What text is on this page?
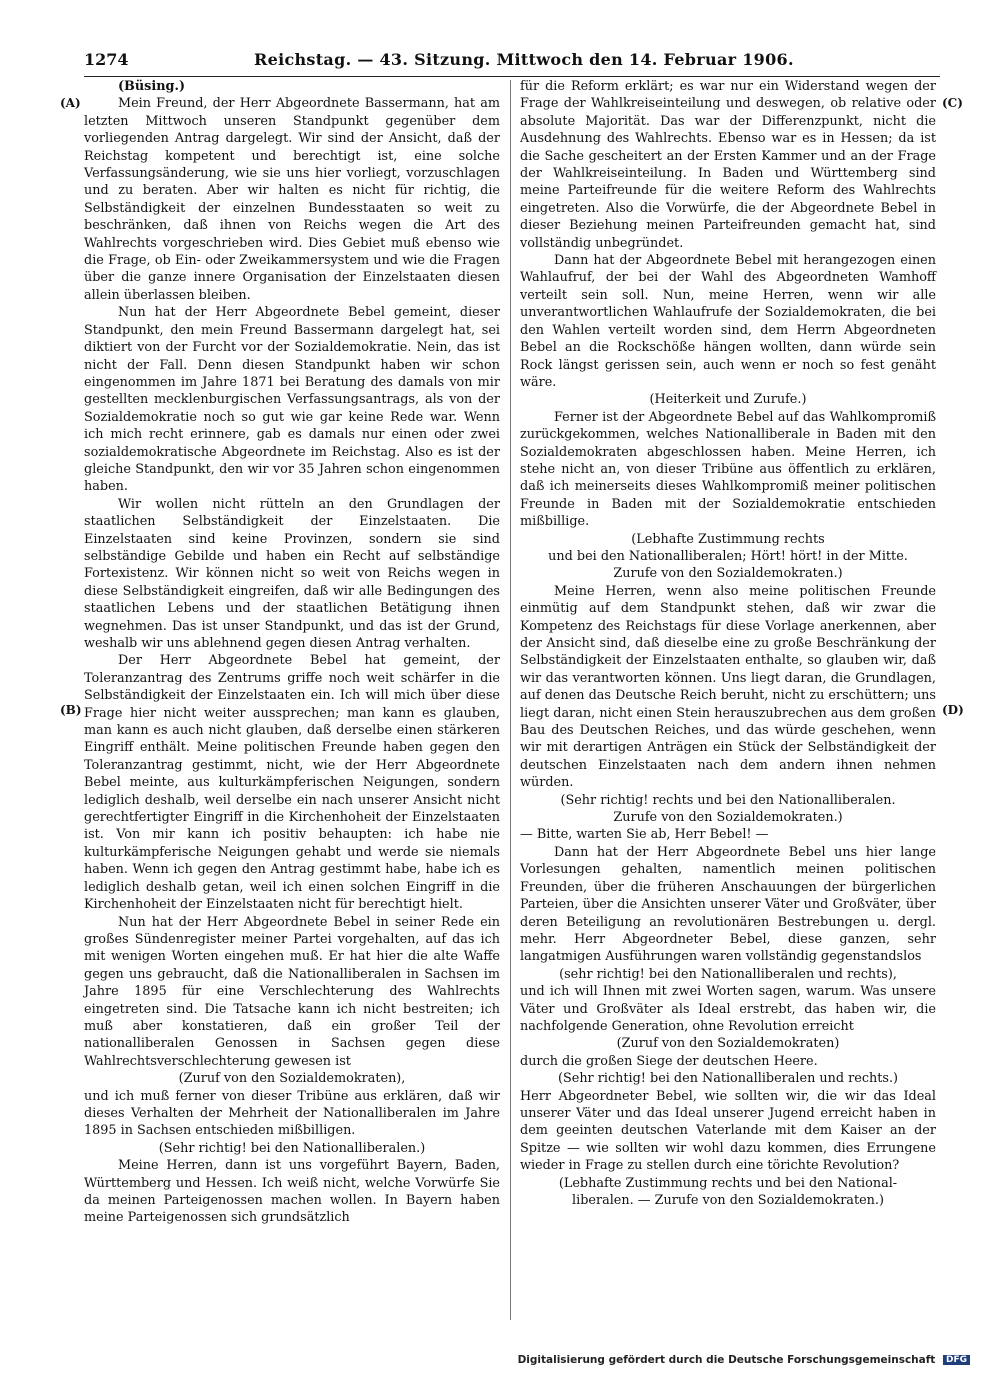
1274	Reichstag. — 43. Sitzung. Mittwoch den 14. Februar 1906.
(A)
(B)
(C)
(D)

(Büsing.)

Mein Freund, der Herr Abgeordnete Bassermann, hat am letzten Mittwoch unseren Standpunkt gegenüber dem vorliegenden Antrag dargelegt. Wir sind der Ansicht, daß der Reichstag kompetent und berechtigt ist, eine solche Verfassungsänderung, wie sie uns hier vorliegt, vorzuschlagen und zu beraten. Aber wir halten es nicht für richtig, die Selbständigkeit der einzelnen Bundesstaaten so weit zu beschränken, daß ihnen von Reichs wegen die Art des Wahlrechts vorgeschrieben wird. Dies Gebiet muß ebenso wie die Frage, ob Ein- oder Zweikammersystem und wie die Fragen über die ganze innere Organisation der Einzelstaaten diesen allein überlassen bleiben.

Nun hat der Herr Abgeordnete Bebel gemeint, dieser Standpunkt, den mein Freund Bassermann dargelegt hat, sei diktiert von der Furcht vor der Sozialdemokratie. Nein, das ist nicht der Fall. Denn diesen Standpunkt haben wir schon eingenommen im Jahre 1871 bei Beratung des damals von mir gestellten mecklenburgischen Verfassungsantrags, als von der Sozialdemokratie noch so gut wie gar keine Rede war. Wenn ich mich recht erinnere, gab es damals nur einen oder zwei sozialdemokratische Abgeordnete im Reichstag. Also es ist der gleiche Standpunkt, den wir vor 35 Jahren schon eingenommen haben.

Wir wollen nicht rütteln an den Grundlagen der staatlichen Selbständigkeit der Einzelstaaten. Die Einzelstaaten sind keine Provinzen, sondern sie sind selbständige Gebilde und haben ein Recht auf selbständige Fortexistenz. Wir können nicht so weit von Reichs wegen in diese Selbständigkeit eingreifen, daß wir alle Bedingungen des staatlichen Lebens und der staatlichen Betätigung ihnen wegnehmen. Das ist unser Standpunkt, und das ist der Grund, weshalb wir uns ablehnend gegen diesen Antrag verhalten.

Der Herr Abgeordnete Bebel hat gemeint, der Toleranzantrag des Zentrums griffe noch weit schärfer in die Selbständigkeit der Einzelstaaten ein. Ich will mich über diese Frage hier nicht weiter aussprechen; man kann es glauben, man kann es auch nicht glauben, daß derselbe einen stärkeren Eingriff enthält. Meine politischen Freunde haben gegen den Toleranzantrag gestimmt, nicht, wie der Herr Abgeordnete Bebel meinte, aus kulturkämpferischen Neigungen, sondern lediglich deshalb, weil derselbe ein nach unserer Ansicht nicht gerechtfertigter Eingriff in die Kirchenhoheit der Einzelstaaten ist. Von mir kann ich positiv behaupten: ich habe nie kulturkämpferische Neigungen gehabt und werde sie niemals haben. Wenn ich gegen den Antrag gestimmt habe, habe ich es lediglich deshalb getan, weil ich einen solchen Eingriff in die Kirchenhoheit der Einzelstaaten nicht für berechtigt hielt.

Nun hat der Herr Abgeordnete Bebel in seiner Rede ein großes Sündenregister meiner Partei vorgehalten, auf das ich mit wenigen Worten eingehen muß. Er hat hier die alte Waffe gegen uns gebraucht, daß die Nationalliberalen in Sachsen im Jahre 1895 für eine Verschlechterung des Wahlrechts eingetreten sind. Die Tatsache kann ich nicht bestreiten; ich muß aber konstatieren, daß ein großer Teil der nationalliberalen Genossen in Sachsen gegen diese Wahlrechtsverschlechterung gewesen ist

(Zuruf von den Sozialdemokraten),

und ich muß ferner von dieser Tribüne aus erklären, daß wir dieses Verhalten der Mehrheit der Nationalliberalen im Jahre 1895 in Sachsen entschieden mißbilligen.

(Sehr richtig! bei den Nationalliberalen.)

Meine Herren, dann ist uns vorgeführt Bayern, Baden, Württemberg und Hessen. Ich weiß nicht, welche Vorwürfe Sie da meinen Parteigenossen machen wollen. In Bayern haben meine Parteigenossen sich grundsätzlich

für die Reform erklärt; es war nur ein Widerstand wegen der Frage der Wahlkreiseinteilung und deswegen, ob relative oder absolute Majorität. Das war der Differenzpunkt, nicht die Ausdehnung des Wahlrechts. Ebenso war es in Hessen; da ist die Sache gescheitert an der Ersten Kammer und an der Frage der Wahlkreiseinteilung. In Baden und Württemberg sind meine Parteifreunde für die weitere Reform des Wahlrechts eingetreten. Also die Vorwürfe, die der Abgeordnete Bebel in dieser Beziehung meinen Parteifreunden gemacht hat, sind vollständig unbegründet.

Dann hat der Abgeordnete Bebel mit herangezogen einen Wahlaufruf, der bei der Wahl des Abgeordneten Wamhoff verteilt sein soll. Nun, meine Herren, wenn wir alle unverantwortlichen Wahlaufrufe der Sozialdemokraten, die bei den Wahlen verteilt worden sind, dem Herrn Abgeordneten Bebel an die Rockschöße hängen wollten, dann würde sein Rock längst gerissen sein, auch wenn er noch so fest genäht wäre.

(Heiterkeit und Zurufe.)

Ferner ist der Abgeordnete Bebel auf das Wahlkompromiß zurückgekommen, welches Nationalliberale in Baden mit den Sozialdemokraten abgeschlossen haben. Meine Herren, ich stehe nicht an, von dieser Tribüne aus öffentlich zu erklären, daß ich meinerseits dieses Wahlkompromiß meiner politischen Freunde in Baden mit der Sozialdemokratie entschieden mißbillige.

(Lebhafte Zustimmung rechts

und bei den Nationalliberalen; Hört! hört! in der Mitte.

Zurufe von den Sozialdemokraten.)

Meine Herren, wenn also meine politischen Freunde einmütig auf dem Standpunkt stehen, daß wir zwar die Kompetenz des Reichstags für diese Vorlage anerkennen, aber der Ansicht sind, daß dieselbe eine zu große Beschränkung der Selbständigkeit der Einzelstaaten enthalte, so glauben wir, daß wir das verantworten können. Uns liegt daran, die Grundlagen, auf denen das Deutsche Reich beruht, nicht zu erschüttern; uns liegt daran, nicht einen Stein herauszubrechen aus dem großen Bau des Deutschen Reiches, und das würde geschehen, wenn wir mit derartigen Anträgen ein Stück der Selbständigkeit der deutschen Einzelstaaten nach dem andern ihnen nehmen würden.

(Sehr richtig! rechts und bei den Nationalliberalen.

Zurufe von den Sozialdemokraten.)

— Bitte, warten Sie ab, Herr Bebel! —

Dann hat der Herr Abgeordnete Bebel uns hier lange Vorlesungen gehalten, namentlich meinen politischen Freunden, über die früheren Anschauungen der bürgerlichen Parteien, über die Ansichten unserer Väter und Großväter, über deren Beteiligung an revolutionären Bestrebungen u. dergl. mehr. Herr Abgeordneter Bebel, diese ganzen, sehr langatmigen Ausführungen waren vollständig gegenstandslos

(sehr richtig! bei den Nationalliberalen und rechts),

und ich will Ihnen mit zwei Worten sagen, warum. Was unsere Väter und Großväter als Ideal erstrebt, das haben wir, die nachfolgende Generation, ohne Revolution erreicht

(Zuruf von den Sozialdemokraten)

durch die großen Siege der deutschen Heere.

(Sehr richtig! bei den Nationalliberalen und rechts.)

Herr Abgeordneter Bebel, wie sollten wir, die wir das Ideal unserer Väter und das Ideal unserer Jugend erreicht haben in dem geeinten deutschen Vaterlande mit dem Kaiser an der Spitze — wie sollten wir wohl dazu kommen, dies Errungene wieder in Frage zu stellen durch eine törichte Revolution?

(Lebhafte Zustimmung rechts und bei den National-

liberalen. — Zurufe von den Sozialdemokraten.)

Digitalisierung gefördert durch die Deutsche Forschungsgemeinschaft DFG
